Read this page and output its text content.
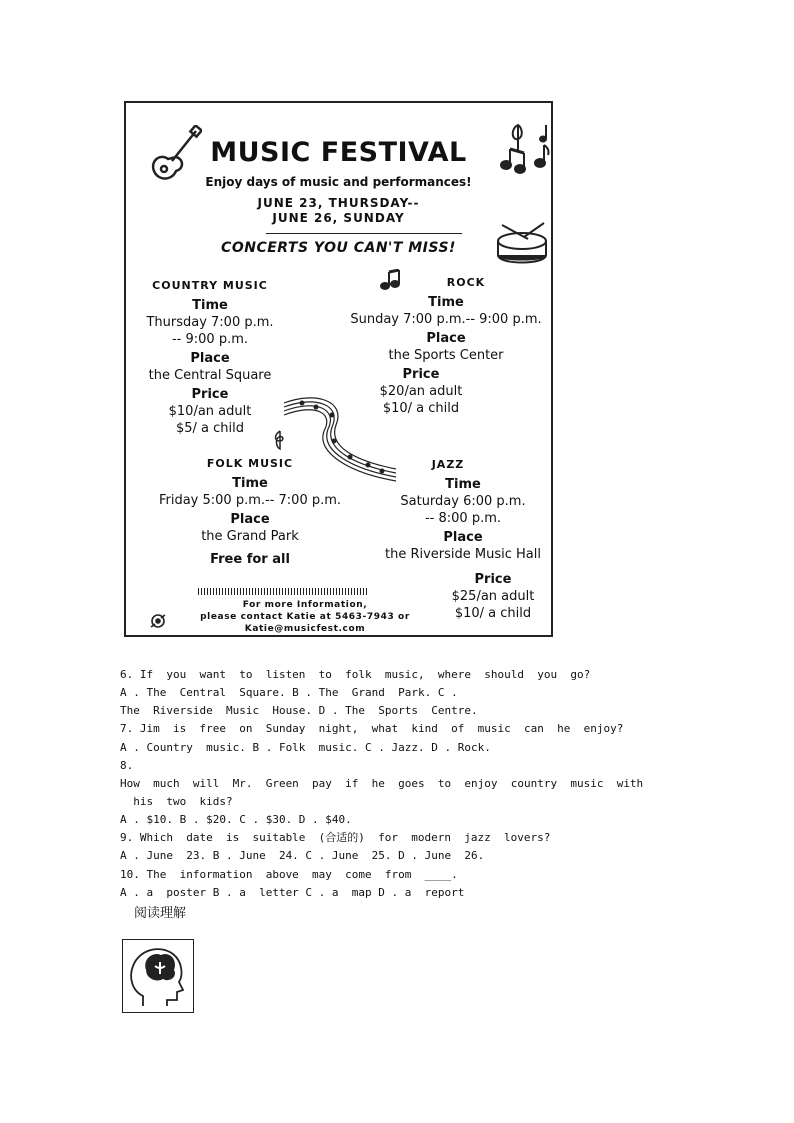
MUSIC FESTIVAL
Enjoy days of music and performances!
JUNE 23, THURSDAY--
JUNE 26, SUNDAY
CONCERTS YOU CAN'T MISS!
COUNTRY MUSIC
Time
Thursday 7:00 p.m.
-- 9:00 p.m.
Place
the Central Square
Price
$10/an adult
$5/ a child
ROCK
Time
Sunday 7:00 p.m.-- 9:00 p.m.
Place
the Sports Center
Price
$20/an adult
$10/ a child
FOLK MUSIC
Time
Friday 5:00 p.m.-- 7:00 p.m.
Place
the Grand Park
Free for all
JAZZ
Time
Saturday 6:00 p.m.
-- 8:00 p.m.
Place
the Riverside Music Hall
Price
$25/an adult
$10/ a child
For more Information,
please contact Katie at 5463-7943 or
Katie@musicfest.com
6. If  you  want  to  listen  to  folk  music,  where  should  you  go?
A . The  Central  Square. B . The  Grand  Park. C .
The  Riverside  Music  House. D . The  Sports  Centre.
7. Jim  is  free  on  Sunday  night,  what  kind  of  music  can  he  enjoy?
A . Country  music. B . Folk  music. C . Jazz. D . Rock.
8.
How  much  will  Mr.  Green  pay  if  he  goes  to  enjoy  country  music  with
his  two  kids?
A . $10. B . $20. C . $30. D . $40.
9. Which  date  is  suitable  (合适的)  for  modern  jazz  lovers?
A . June  23. B . June  24. C . June  25. D . June  26.
10. The  information  above  may  come  from  ____.
A . a  poster B . a  letter C . a  map D . a  report
阅读理解
